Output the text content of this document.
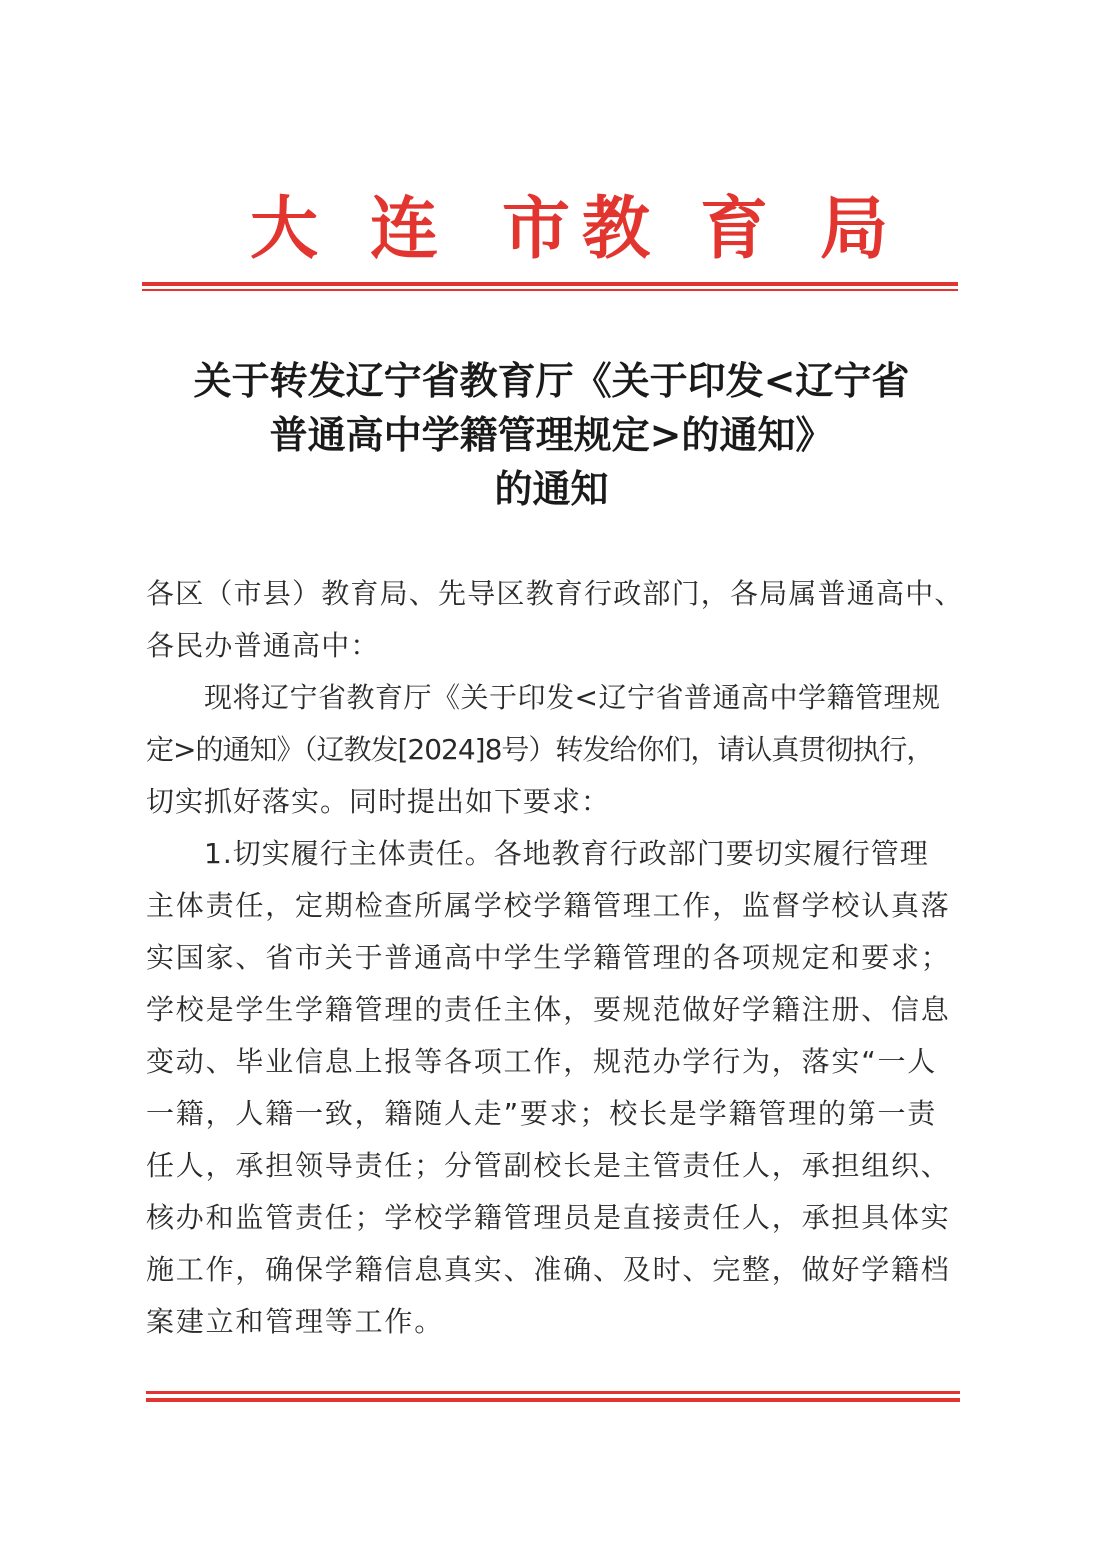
大 连 市 教 育 局
关于转发辽宁省教育厅《关于印发<辽宁省
普通高中学籍管理规定>的通知》
的通知
各区（市县）教育局、先导区教育行政部门，各局属普通高中、
各民办普通高中：
现将辽宁省教育厅《关于印发<辽宁省普通高中学籍管理规
定>的通知》（辽教发[2024]8号）转发给你们，请认真贯彻执行，
切实抓好落实。同时提出如下要求：
1.切实履行主体责任。各地教育行政部门要切实履行管理
主体责任，定期检查所属学校学籍管理工作，监督学校认真落
实国家、省市关于普通高中学生学籍管理的各项规定和要求；
学校是学生学籍管理的责任主体，要规范做好学籍注册、信息
变动、毕业信息上报等各项工作，规范办学行为，落实“一人
一籍，人籍一致，籍随人走”要求；校长是学籍管理的第一责
任人，承担领导责任；分管副校长是主管责任人，承担组织、
核办和监管责任；学校学籍管理员是直接责任人，承担具体实
施工作，确保学籍信息真实、准确、及时、完整，做好学籍档
案建立和管理等工作。
